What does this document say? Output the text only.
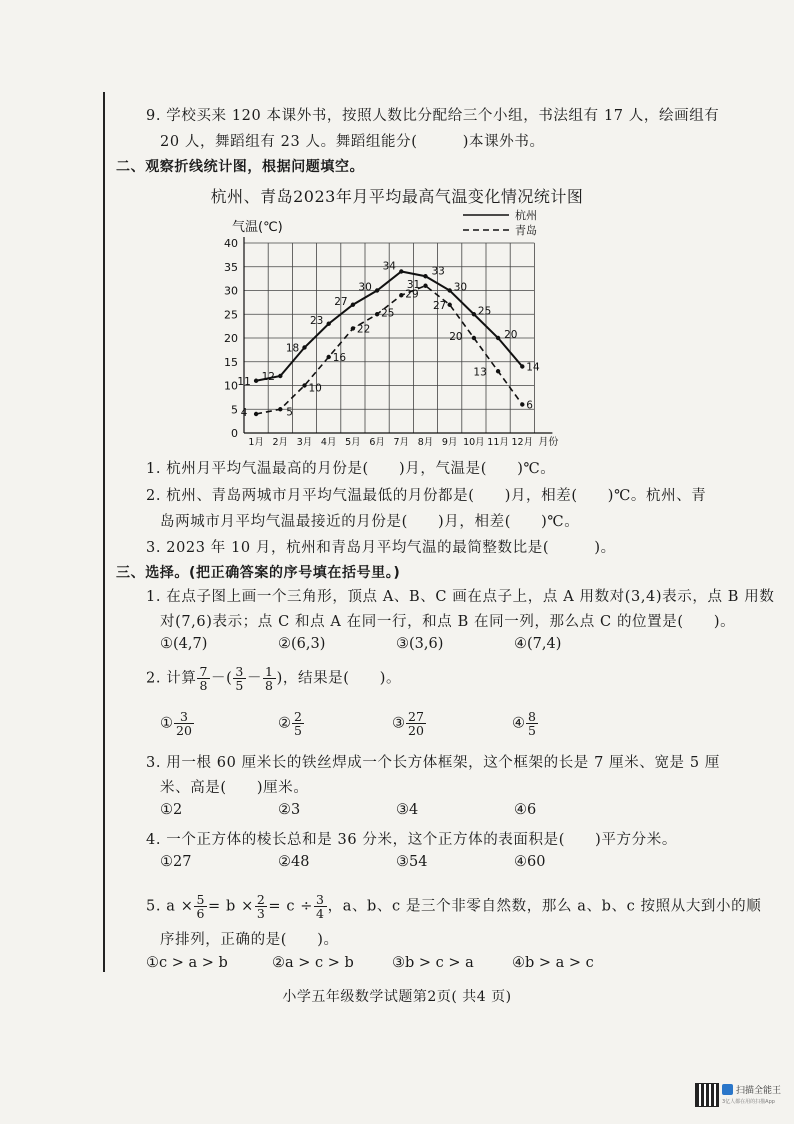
9. 学校买来 120 本课外书，按照人数比分配给三个小组，书法组有 17 人，绘画组有
20 人，舞蹈组有 23 人。舞蹈组能分(　　　)本课外书。
二、观察折线统计图，根据问题填空。
杭州、青岛2023年月平均最高气温变化情况统计图
0
5
10
15
20
25
30
35
40
1月 2月 3月 4月 5月 6月 7月 8月 9月 10月 11月 12月 月份
气温(℃)
11 12
18
23
27
30
34	33
30
25
20
14
4	5
10
16
22
25
29
31
27
20
13
6
杭州
青岛
1. 杭州月平均气温最高的月份是(　　)月，气温是(　　)℃。
2. 杭州、青岛两城市月平均气温最低的月份都是(　　)月，相差(　　)℃。杭州、青
岛两城市月平均气温最接近的月份是(　　)月，相差(　　)℃。
3. 2023 年 10 月，杭州和青岛月平均气温的最简整数比是(　　　)。
三、选择。(把正确答案的序号填在括号里。)
1. 在点子图上画一个三角形，顶点 A、B、C 画在点子上，点 A 用数对(3,4)表示，点 B 用数
对(7,6)表示；点 C 和点 A 在同一行，和点 B 在同一列，那么点 C 的位置是(　　)。
①(4,7)	②(6,3)	③(3,6)	④(7,4)
2. 计算 $\frac{7}{8}$ －( $\frac{3}{5} - \frac{1}{8}$ )，结果是(　　)。
① $\frac{3}{20}$	② $\frac{2}{5}$	③ $\frac{27}{20}$	④ $\frac{8}{5}$
3. 用一根 60 厘米长的铁丝焊成一个长方体框架，这个框架的长是 7 厘米、宽是 5 厘
米、高是(　　)厘米。
①2	②3	③4	④6
4. 一个正方体的棱长总和是 36 分米，这个正方体的表面积是(　　)平方分米。
①27	②48	③54	④60
5. $a \times \frac{5}{6} = b \times \frac{2}{3} = c \div \frac{3}{4}$ ，a、b、c 是三个非零自然数，那么 a、b、c 按照从大到小的顺
序排列，正确的是(　　)。
①c > a > b	②a > c > b	③b > c > a	④b > a > c
小学五年级数学试题第2页( 共4 页)
扫描全能王
3亿人都在用的扫描App
